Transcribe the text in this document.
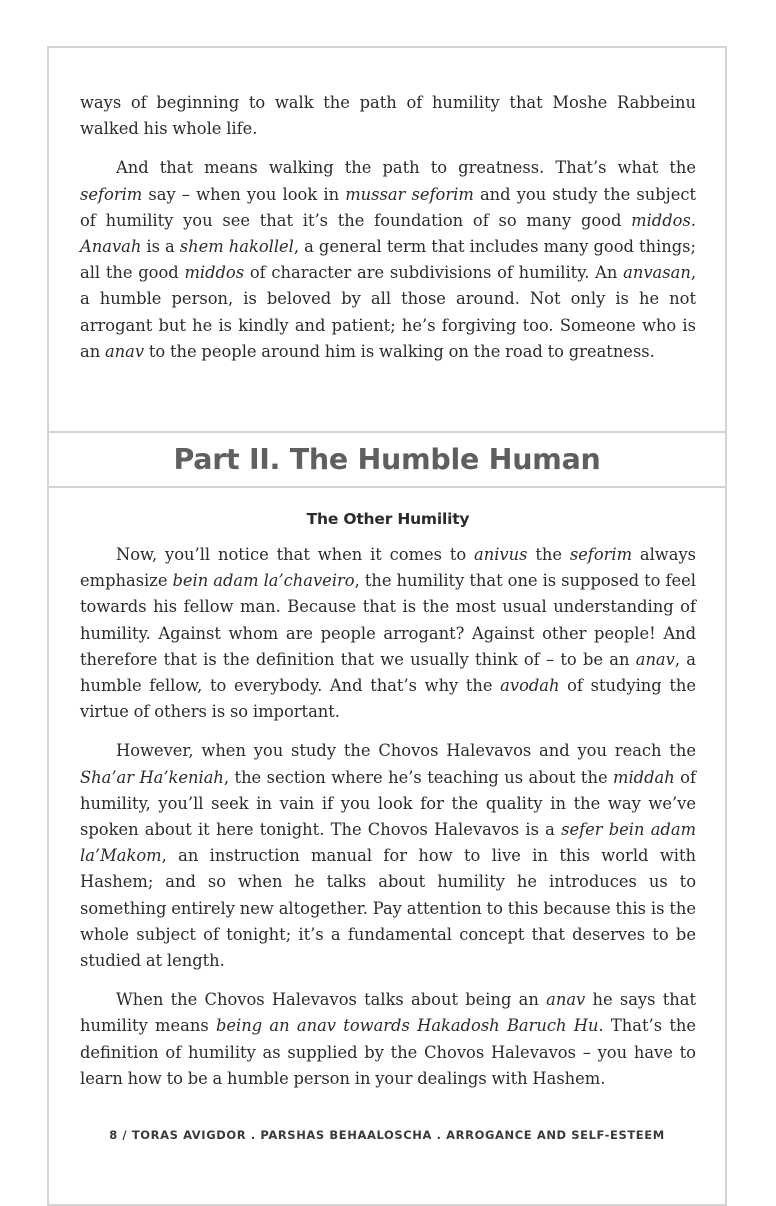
ways of beginning to walk the path of humility that Moshe Rabbeinu walked his whole life.

And that means walking the path to greatness. That’s what the seforim say – when you look in mussar seforim and you study the subject of humility you see that it’s the foundation of so many good middos. Anavah is a shem hakollel, a general term that includes many good things; all the good middos of character are subdivisions of humility. An anvasan, a humble person, is beloved by all those around. Not only is he not arrogant but he is kindly and patient; he’s forgiving too. Someone who is an anav to the people around him is walking on the road to greatness.

Part II. The Humble Human
The Other Humility

Now, you’ll notice that when it comes to anivus the seforim always emphasize bein adam la’chaveiro, the humility that one is supposed to feel towards his fellow man. Because that is the most usual understanding of humility. Against whom are people arrogant? Against other people! And therefore that is the definition that we usually think of – to be an anav, a humble fellow, to everybody. And that’s why the avodah of studying the virtue of others is so important.

However, when you study the Chovos Halevavos and you reach the Sha’ar Ha’keniah, the section where he’s teaching us about the middah of humility, you’ll seek in vain if you look for the quality in the way we’ve spoken about it here tonight. The Chovos Halevavos is a sefer bein adam la’Makom, an instruction manual for how to live in this world with Hashem; and so when he talks about humility he introduces us to something entirely new altogether. Pay attention to this because this is the whole subject of tonight; it’s a fundamental concept that deserves to be studied at length.

When the Chovos Halevavos talks about being an anav he says that humility means being an anav towards Hakadosh Baruch Hu. That’s the definition of humility as supplied by the Chovos Halevavos – you have to learn how to be a humble person in your dealings with Hashem.

8 / TORAS AVIGDOR . PARSHAS BEHAALOSCHA . ARROGANCE AND SELF-ESTEEM
